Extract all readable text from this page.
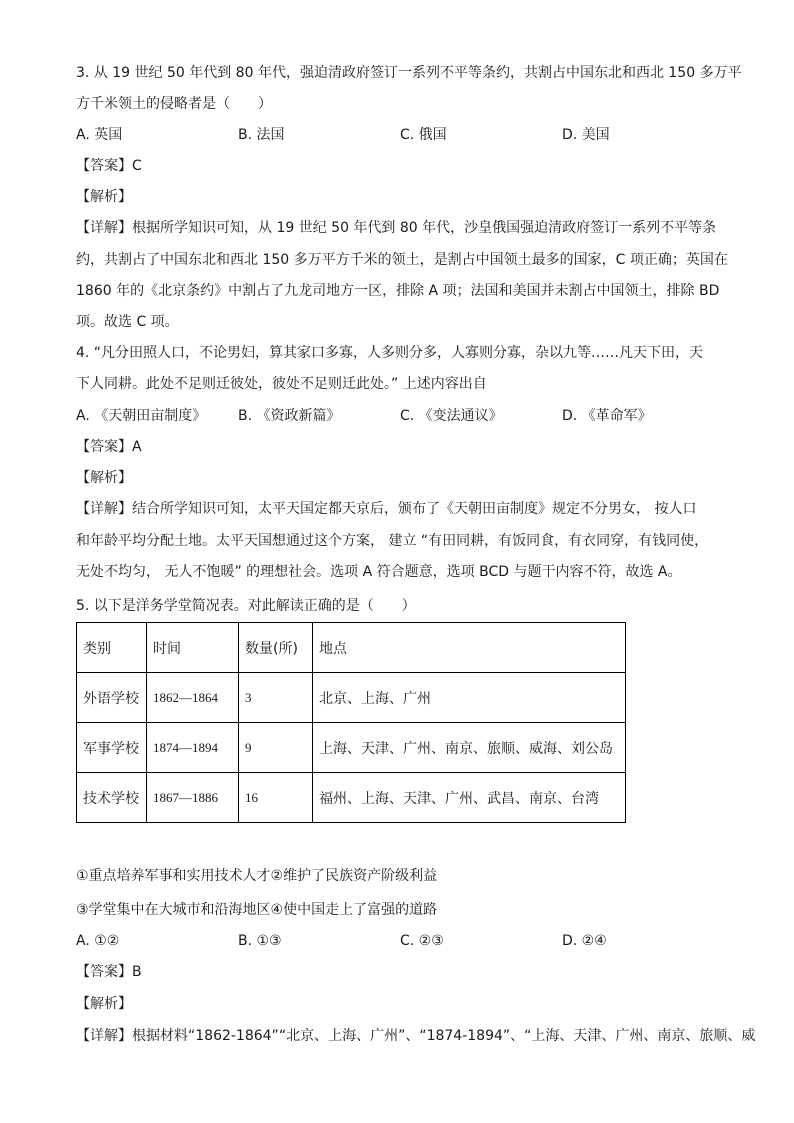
3. 从 19 世纪 50 年代到 80 年代，强迫清政府签订一系列不平等条约，共割占中国东北和西北 150 多万平
方千米领土的侵略者是（　　）
A. 英国	B. 法国	C. 俄国	D. 美国
【答案】C
【解析】
【详解】根据所学知识可知，从 19 世纪 50 年代到 80 年代，沙皇俄国强迫清政府签订一系列不平等条
约，共割占了中国东北和西北 150 多万平方千米的领土，是割占中国领土最多的国家，C 项正确；英国在
1860 年的《北京条约》中割占了九龙司地方一区，排除 A 项；法国和美国并未割占中国领土，排除 BD
项。故选 C 项。
4. “凡分田照人口，不论男妇，算其家口多寡，人多则分多，人寡则分寡，杂以九等……凡天下田，天
下人同耕。此处不足则迁彼处，彼处不足则迁此处。” 上述内容出自
A. 《天朝田亩制度》 B. 《资政新篇》	C. 《变法通议》	D. 《革命军》
【答案】A
【解析】
【详解】结合所学知识可知，太平天国定都天京后，颁布了《天朝田亩制度》规定不分男女， 按人口
和年龄平均分配土地。太平天国想通过这个方案， 建立 “有田同耕，有饭同食，有衣同穿，有钱同使，
无处不均匀， 无人不饱暖” 的理想社会。选项 A 符合题意，选项 BCD 与题干内容不符，故选 A。
5. 以下是洋务学堂简况表。对此解读正确的是（　　）
类别	时间	数量(所)	地点
外语学校	1862—1864	3	北京、上海、广州
军事学校	1874—1894	9	上海、天津、广州、南京、旅顺、威海、刘公岛
技术学校	1867—1886	16	福州、上海、天津、广州、武昌、南京、台湾
①重点培养军事和实用技术人才②维护了民族资产阶级利益
③学堂集中在大城市和沿海地区④使中国走上了富强的道路
A. ①②	B. ①③	C. ②③	D. ②④
【答案】B
【解析】
【详解】根据材料“1862-1864”“北京、上海、广州”、“1874-1894”、“上海、天津、广州、南京、旅顺、威
